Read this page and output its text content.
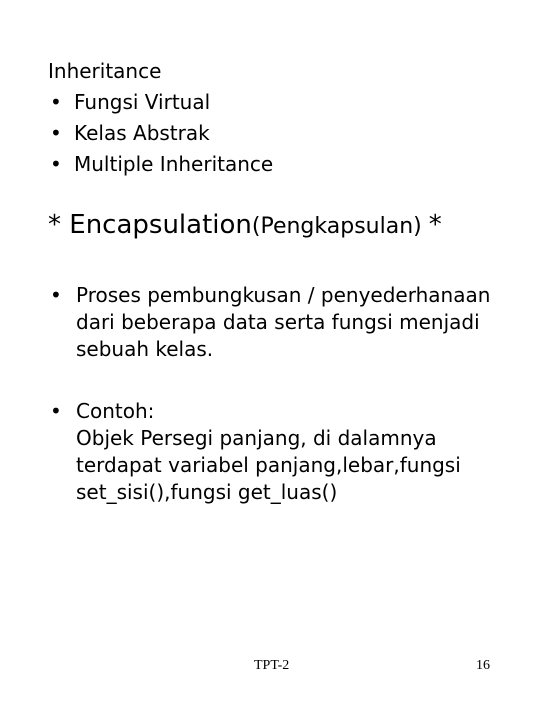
Inheritance

• Fungsi Virtual
• Kelas Abstrak
• Multiple Inheritance
* Encapsulation(Pengkapsulan) *
• Proses pembungkusan / penyederhanaan dari beberapa data serta fungsi menjadi sebuah kelas.
• Contoh:
Objek Persegi panjang, di dalamnya terdapat variabel panjang,lebar,fungsi set_sisi(),fungsi get_luas()
TPT-2	16
